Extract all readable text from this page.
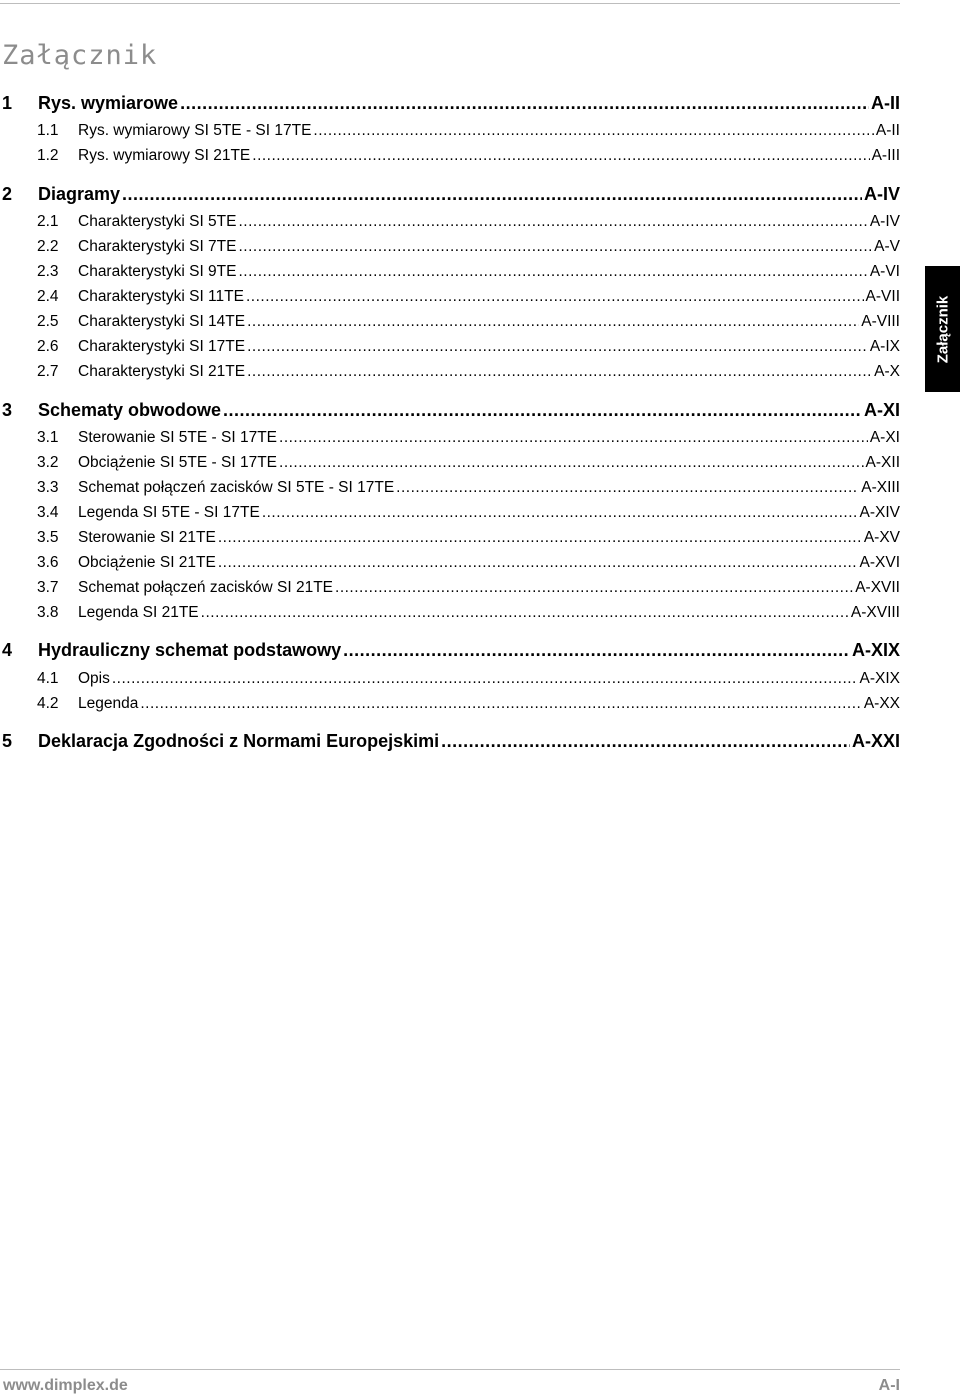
Załącznik
Załącznik
1	Rys. wymiarowe .....	A-II
1.1	Rys. wymiarowy SI 5TE - SI 17TE .....	A-II
1.2	Rys. wymiarowy SI 21TE .....	A-III
2	Diagramy .....	A-IV
2.1	Charakterystyki SI 5TE .....	A-IV
2.2	Charakterystyki SI 7TE .....	A-V
2.3	Charakterystyki SI 9TE .....	A-VI
2.4	Charakterystyki SI 11TE .....	A-VII
2.5	Charakterystyki SI 14TE .....	A-VIII
2.6	Charakterystyki SI 17TE .....	A-IX
2.7	Charakterystyki SI 21TE .....	A-X
3	Schematy obwodowe .....	A-XI
3.1	Sterowanie SI 5TE - SI 17TE .....	A-XI
3.2	Obciążenie SI 5TE - SI 17TE .....	A-XII
3.3	Schemat połączeń zacisków SI 5TE - SI 17TE .....	A-XIII
3.4	Legenda SI 5TE - SI 17TE .....	A-XIV
3.5	Sterowanie SI 21TE .....	A-XV
3.6	Obciążenie SI 21TE .....	A-XVI
3.7	Schemat połączeń zacisków SI 21TE .....	A-XVII
3.8	Legenda SI 21TE .....	A-XVIII
4	Hydrauliczny schemat podstawowy .....	A-XIX
4.1	Opis .....	A-XIX
4.2	Legenda .....	A-XX
5	Deklaracja Zgodności z Normami Europejskimi .....	A-XXI
www.dimplex.de	A-I
